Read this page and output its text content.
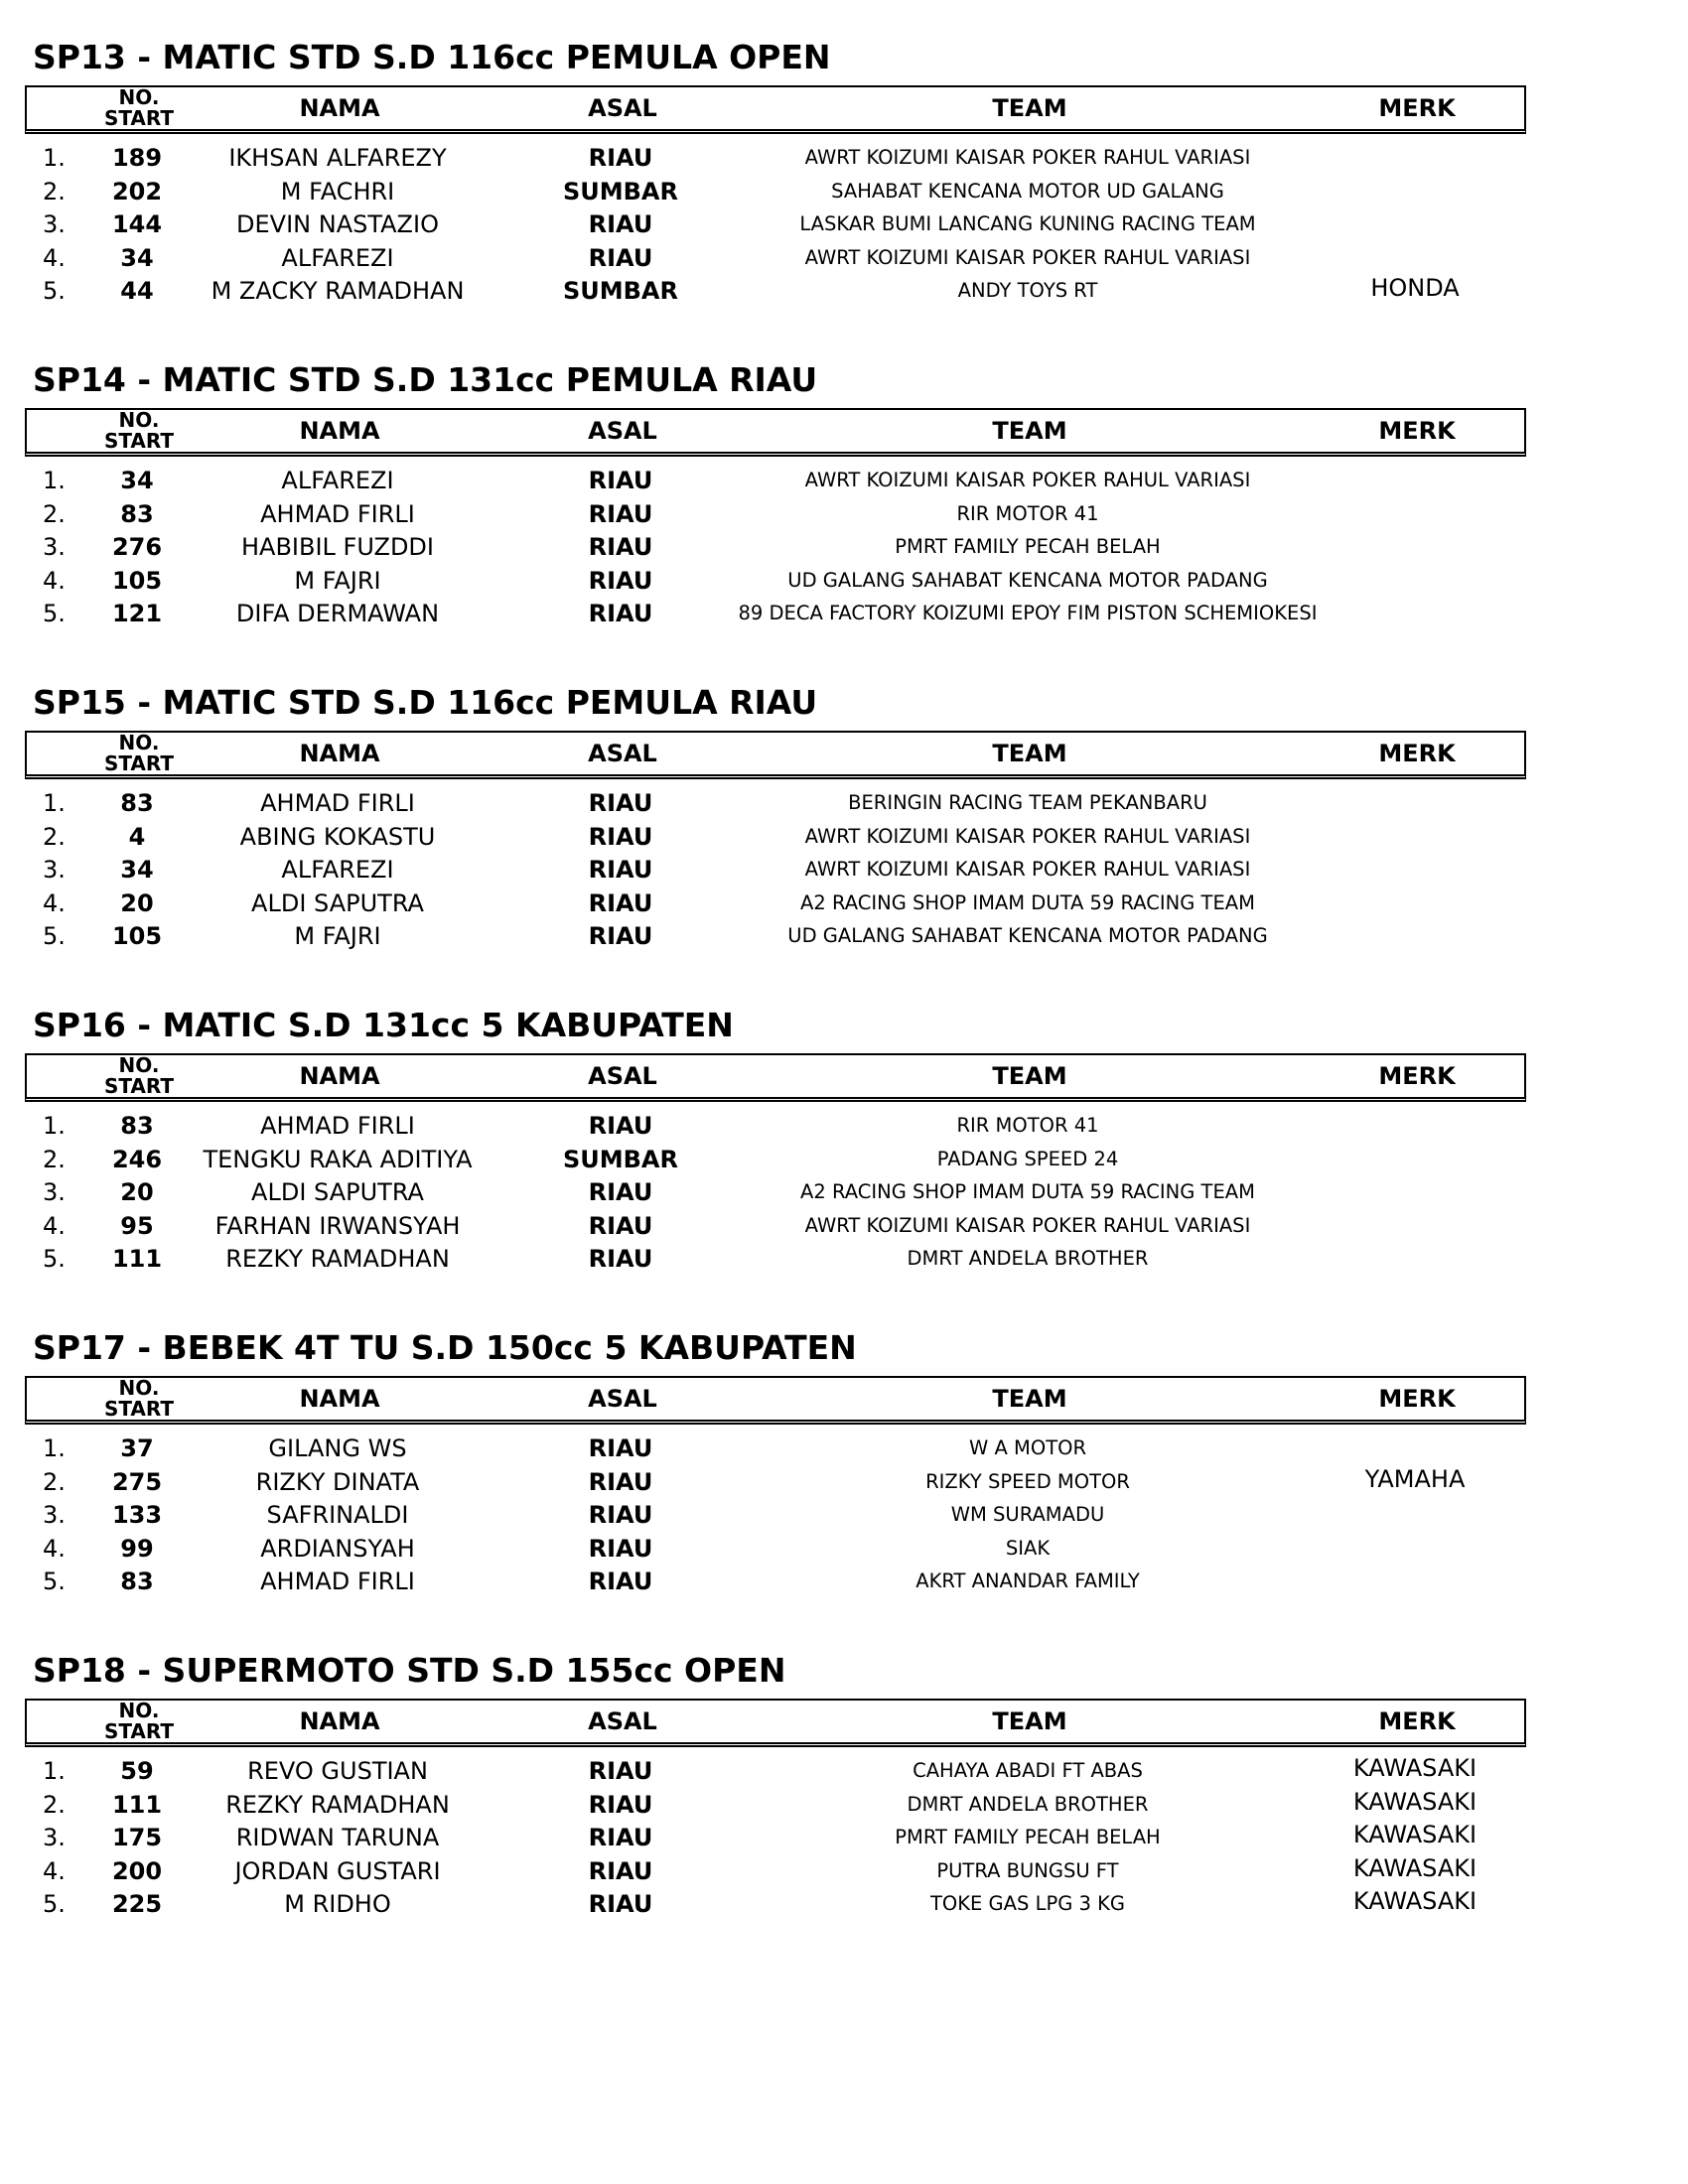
SP13 - MATIC STD S.D 116cc PEMULA OPEN
NO.
START	NAMA	ASAL	TEAM	MERK
1.	189	IKHSAN ALFAREZY	RIAU	AWRT KOIZUMI KAISAR POKER RAHUL VARIASI
2.	202	M FACHRI	SUMBAR	SAHABAT KENCANA MOTOR UD GALANG
3.	144	DEVIN NASTAZIO	RIAU	LASKAR BUMI LANCANG KUNING RACING TEAM
4.	34	ALFAREZI	RIAU	AWRT KOIZUMI KAISAR POKER RAHUL VARIASI
5.	44	M ZACKY RAMADHAN	SUMBAR	ANDY TOYS RT	HONDA
SP14 - MATIC STD S.D 131cc PEMULA RIAU
NO.
START	NAMA	ASAL	TEAM	MERK
1.	34	ALFAREZI	RIAU	AWRT KOIZUMI KAISAR POKER RAHUL VARIASI
2.	83	AHMAD FIRLI	RIAU	RIR MOTOR 41
3.	276	HABIBIL FUZDDI	RIAU	PMRT FAMILY PECAH BELAH
4.	105	M FAJRI	RIAU	UD GALANG SAHABAT KENCANA MOTOR PADANG
5.	121	DIFA DERMAWAN	RIAU	89 DECA FACTORY KOIZUMI EPOY FIM PISTON SCHEMIOKESI
SP15 - MATIC STD S.D 116cc PEMULA RIAU
NO.
START	NAMA	ASAL	TEAM	MERK
1.	83	AHMAD FIRLI	RIAU	BERINGIN RACING TEAM PEKANBARU
2.	4	ABING KOKASTU	RIAU	AWRT KOIZUMI KAISAR POKER RAHUL VARIASI
3.	34	ALFAREZI	RIAU	AWRT KOIZUMI KAISAR POKER RAHUL VARIASI
4.	20	ALDI SAPUTRA	RIAU	A2 RACING SHOP IMAM DUTA 59 RACING TEAM
5.	105	M FAJRI	RIAU	UD GALANG SAHABAT KENCANA MOTOR PADANG
SP16 - MATIC S.D 131cc 5 KABUPATEN
NO.
START	NAMA	ASAL	TEAM	MERK
1.	83	AHMAD FIRLI	RIAU	RIR MOTOR 41
2.	246	TENGKU RAKA ADITIYA	SUMBAR	PADANG SPEED 24
3.	20	ALDI SAPUTRA	RIAU	A2 RACING SHOP IMAM DUTA 59 RACING TEAM
4.	95	FARHAN IRWANSYAH	RIAU	AWRT KOIZUMI KAISAR POKER RAHUL VARIASI
5.	111	REZKY RAMADHAN	RIAU	DMRT ANDELA BROTHER
SP17 - BEBEK 4T TU S.D 150cc 5 KABUPATEN
NO.
START	NAMA	ASAL	TEAM	MERK
1.	37	GILANG WS	RIAU	W A MOTOR
2.	275	RIZKY DINATA	RIAU	RIZKY SPEED MOTOR	YAMAHA
3.	133	SAFRINALDI	RIAU	WM SURAMADU
4.	99	ARDIANSYAH	RIAU	SIAK
5.	83	AHMAD FIRLI	RIAU	AKRT ANANDAR FAMILY
SP18 - SUPERMOTO STD S.D 155cc OPEN
NO.
START	NAMA	ASAL	TEAM	MERK
1.	59	REVO GUSTIAN	RIAU	CAHAYA ABADI FT ABAS	KAWASAKI
2.	111	REZKY RAMADHAN	RIAU	DMRT ANDELA BROTHER	KAWASAKI
3.	175	RIDWAN TARUNA	RIAU	PMRT FAMILY PECAH BELAH	KAWASAKI
4.	200	JORDAN GUSTARI	RIAU	PUTRA BUNGSU FT	KAWASAKI
5.	225	M RIDHO	RIAU	TOKE GAS LPG 3 KG	KAWASAKI
